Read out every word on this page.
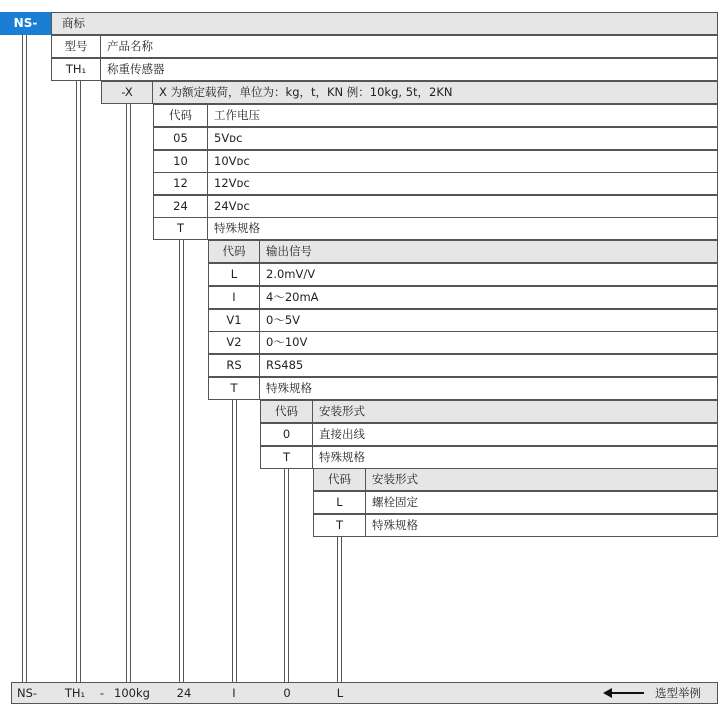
商标
NS-
型号	产品名称
TH₁	称重传感器
-X	X 为额定载荷，单位为：kg，t，KN 例：10kg, 5t，2KN
代码	工作电压
05	5Vᴅᴄ
10	10Vᴅᴄ
12	12Vᴅᴄ
24	24Vᴅᴄ
T	特殊规格
代码	输出信号
L	2.0mV/V
I	4～20mA
V1	0～5V
V2	0～10V
RS	RS485
T	特殊规格
代码	安装形式
0	直接出线
T	特殊规格
代码	安装形式
L	螺栓固定
T	特殊规格
NS-	TH₁	- 100kg	24	I	0	L	选型举例
